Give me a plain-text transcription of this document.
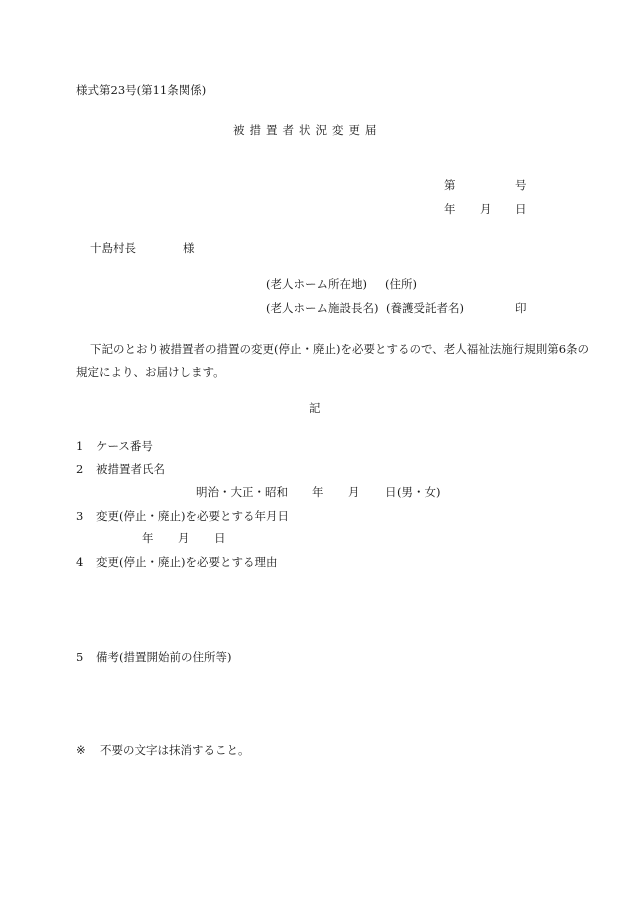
様式第23号(第11条関係)
被措置者状況変更届
第	号
年 月 日
十島村長	様
(老人ホーム所在地) (住所)
(老人ホーム施設長名) (養護受託者名)	印
下記のとおり被措置者の措置の変更(停止・廃止)を必要とするので、老人福祉法施行規則第6条の規定により、お届けします。
記
1 ケース番号
2 被措置者氏名
明治・大正・昭和 年 月 日 (男・女)
3 変更(停止・廃止)を必要とする年月日
年 月 日
4 変更(停止・廃止)を必要とする理由
5 備考(措置開始前の住所等)
※ 不要の文字は抹消すること。
